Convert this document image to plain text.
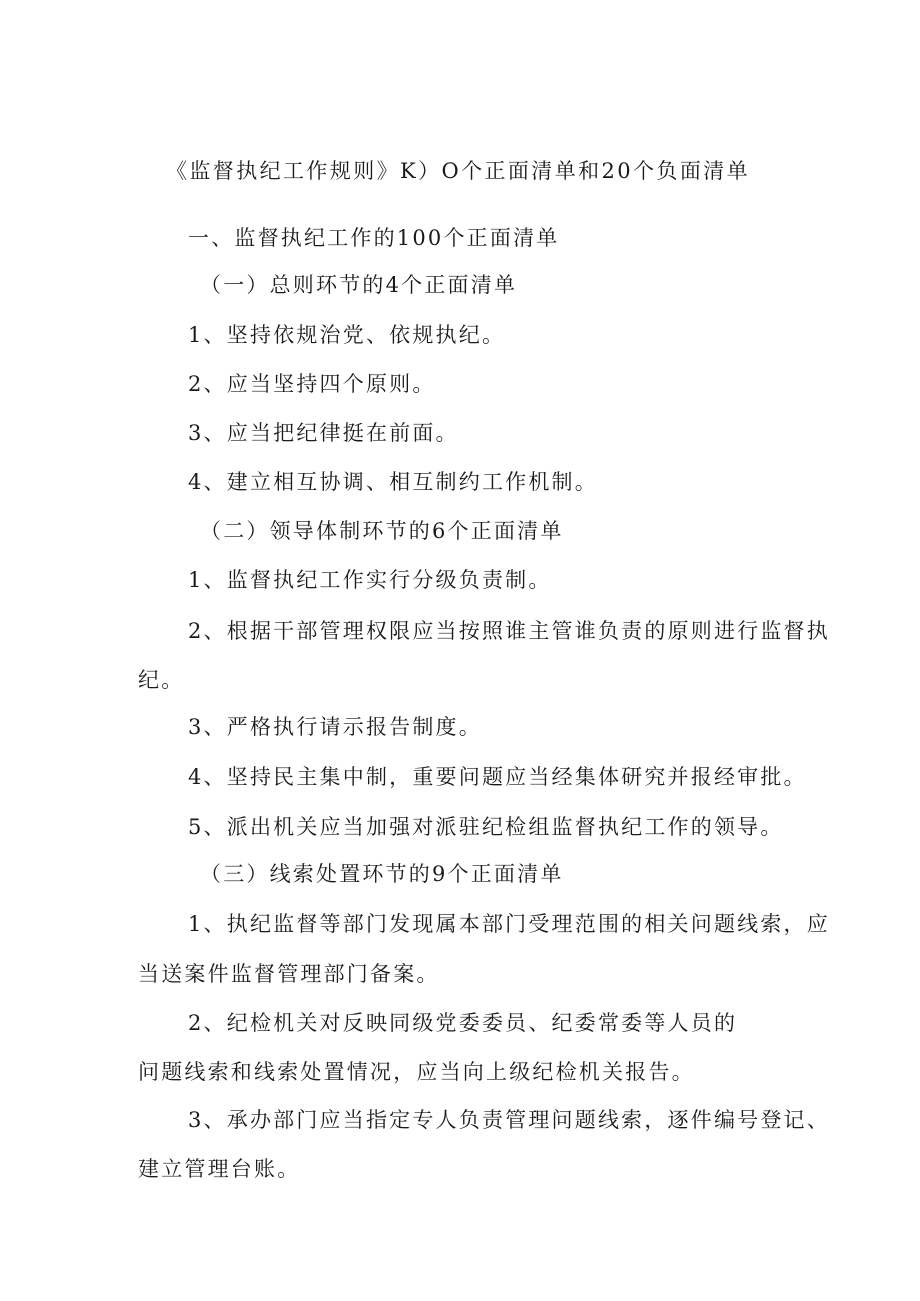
《监督执纪工作规则》K）O个正面清单和20个负面清单

一、监督执纪工作的100个正面清单

（一）总则环节的4个正面清单

1、坚持依规治党、依规执纪。

2、应当坚持四个原则。

3、应当把纪律挺在前面。

4、建立相互协调、相互制约工作机制。

（二）领导体制环节的6个正面清单

1、监督执纪工作实行分级负责制。

2、根据干部管理权限应当按照谁主管谁负责的原则进行监督执

纪。

3、严格执行请示报告制度。

4、坚持民主集中制，重要问题应当经集体研究并报经审批。

5、派出机关应当加强对派驻纪检组监督执纪工作的领导。

（三）线索处置环节的9个正面清单

1、执纪监督等部门发现属本部门受理范围的相关问题线索，应

当送案件监督管理部门备案。

2、纪检机关对反映同级党委委员、纪委常委等人员的

问题线索和线索处置情况，应当向上级纪检机关报告。

3、承办部门应当指定专人负责管理问题线索，逐件编号登记、

建立管理台账。
